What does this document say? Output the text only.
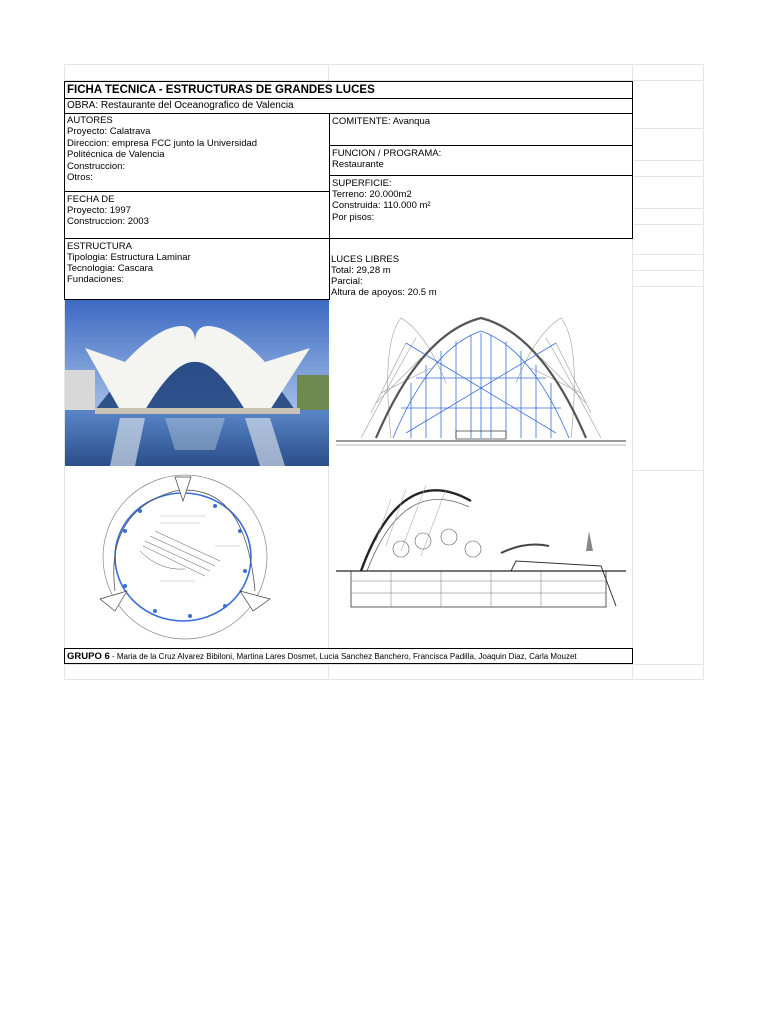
FICHA TECNICA - ESTRUCTURAS DE GRANDES LUCES
OBRA: Restaurante del Oceanografico de Valencia
AUTORES
Proyecto: Calatrava
Direccion: empresa FCC junto la Universidad
Politécnica de Valencia
Construccion:
Otros:
COMITENTE: Avanqua
FUNCION / PROGRAMA:
Restaurante
SUPERFICIE:
Terreno: 20.000m2
Construida: 110.000 m²
Por pisos:
FECHA DE
Proyecto: 1997
Construccion: 2003
ESTRUCTURA
Tipologia: Estructura Laminar
Tecnologia: Cascara
Fundaciones:
LUCES LIBRES
Total: 29,28 m
Parcial:
Altura de apoyos: 20.5 m
GRUPO 6 - Maria de la Cruz Alvarez Bibiloni, Martina Lares Dosmet, Lucia Sanchez Banchero, Francisca Padilla, Joaquin Diaz, Carla Mouzet
